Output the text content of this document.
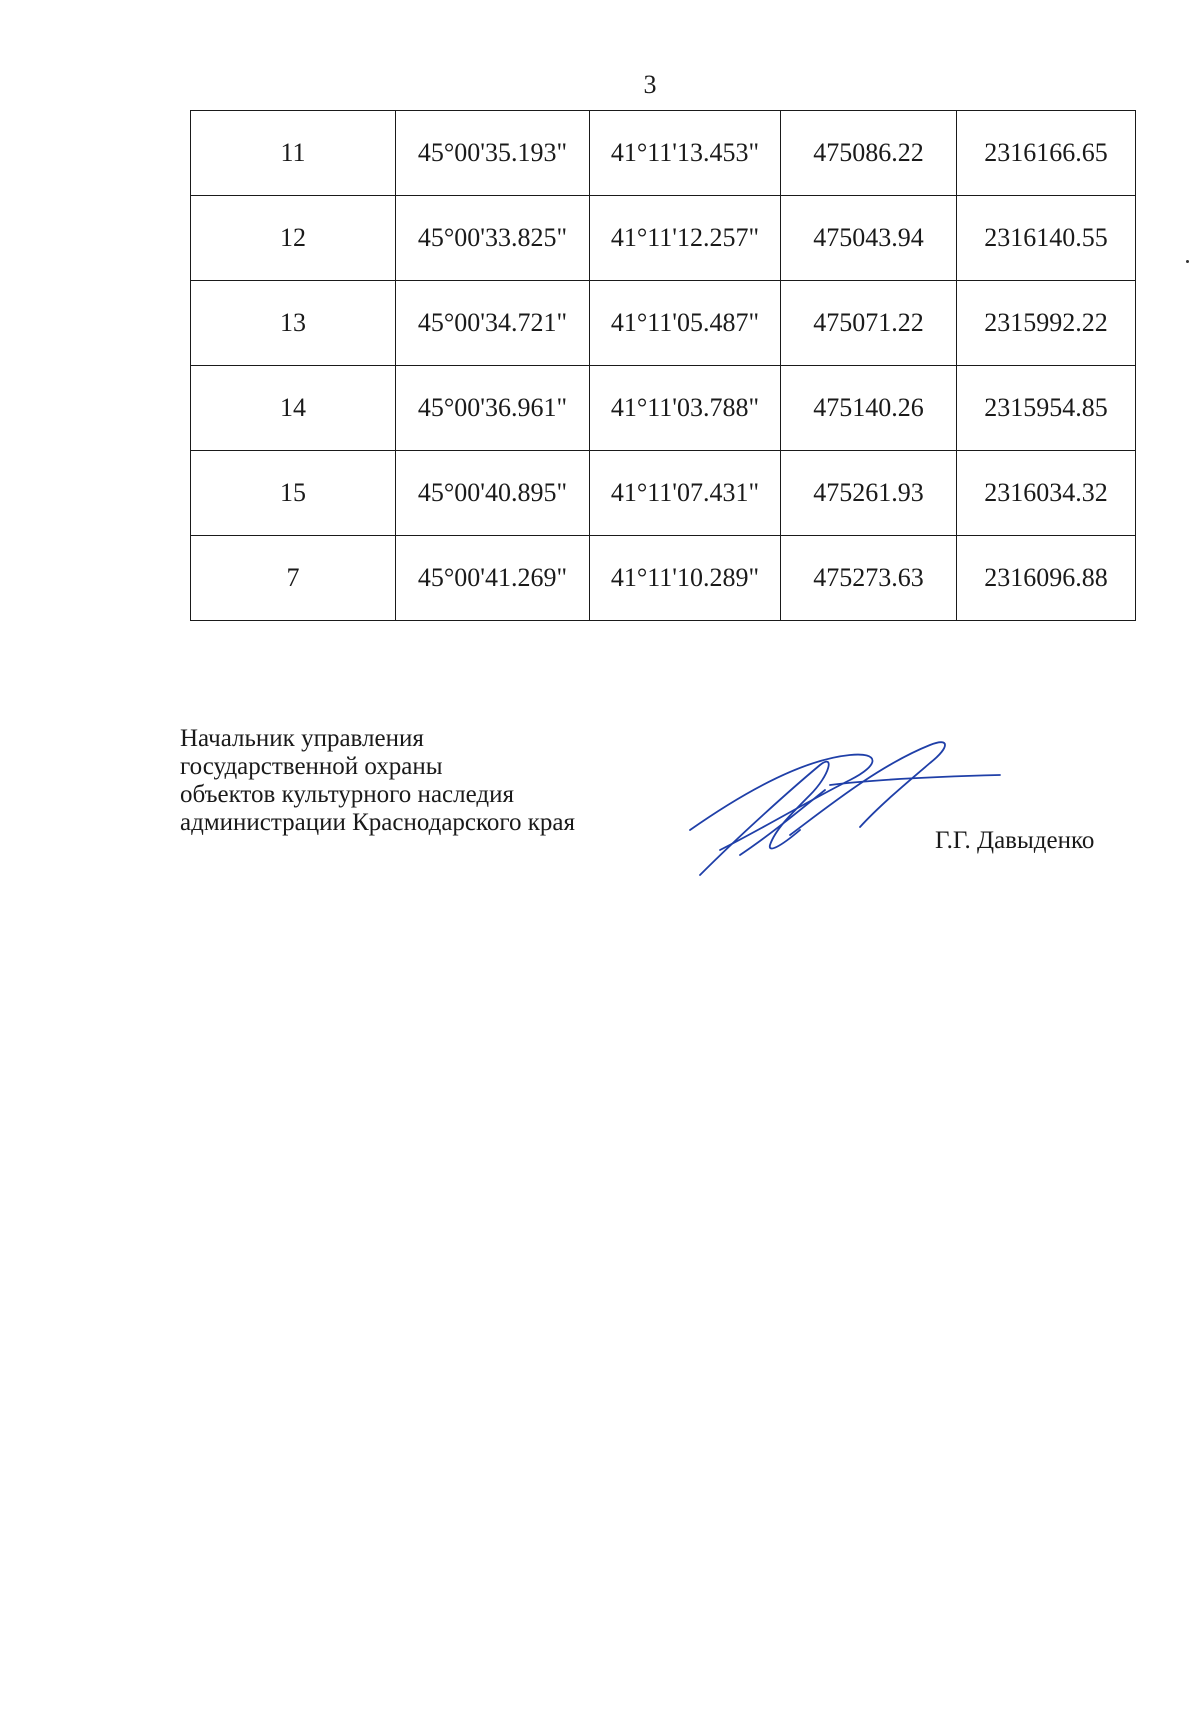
3
11	45°00'35.193"	41°11'13.453"	475086.22	2316166.65
12	45°00'33.825"	41°11'12.257"	475043.94	2316140.55
13	45°00'34.721"	41°11'05.487"	475071.22	2315992.22
14	45°00'36.961"	41°11'03.788"	475140.26	2315954.85
15	45°00'40.895"	41°11'07.431"	475261.93	2316034.32
7	45°00'41.269"	41°11'10.289"	475273.63	2316096.88
Начальник управления
государственной охраны
объектов культурного наследия
администрации Краснодарского края
Г.Г. Давыденко
